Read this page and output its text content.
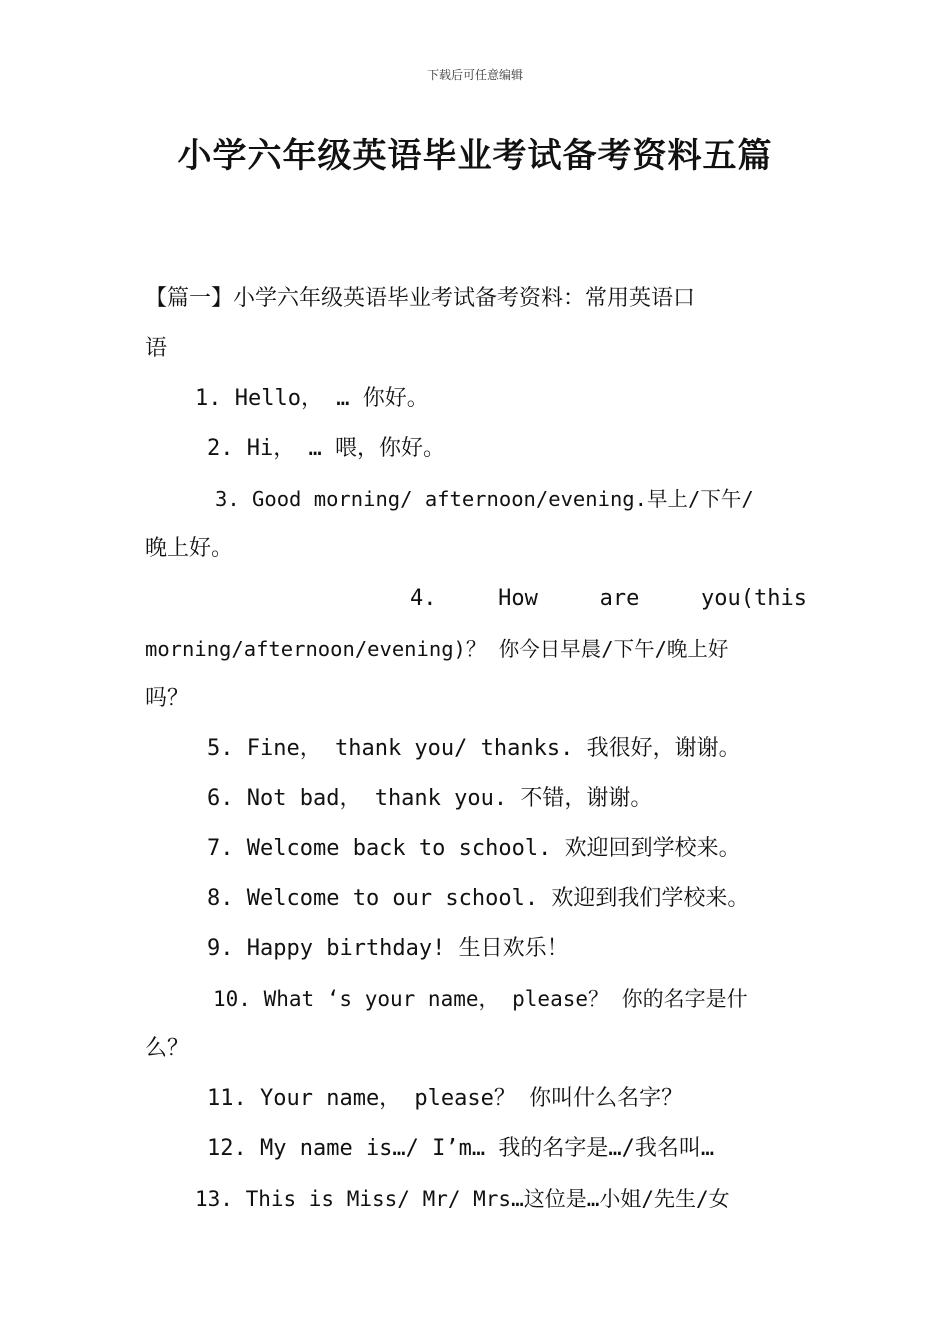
下载后可任意编辑
小学六年级英语毕业考试备考资料五篇
【篇一】小学六年级英语毕业考试备考资料：常用英语口
语
1. Hello， … 你好。
2. Hi， … 喂，你好。
3. Good morning/ afternoon/evening.早上/下午/
晚上好。
4.	How	are	you(this
morning/afternoon/evening)？ 你今日早晨/下午/晚上好
吗？
5. Fine， thank you/ thanks. 我很好，谢谢。
6. Not bad， thank you. 不错，谢谢。
7. Welcome back to school. 欢迎回到学校来。
8. Welcome to our school. 欢迎到我们学校来。
9. Happy birthday! 生日欢乐！
10. What ‘s your name， please？ 你的名字是什
么？
11. Your name， please？ 你叫什么名字？
12. My name is…/ I’m… 我的名字是…/我名叫…
13. This is Miss/ Mr/ Mrs…这位是…小姐/先生/女
